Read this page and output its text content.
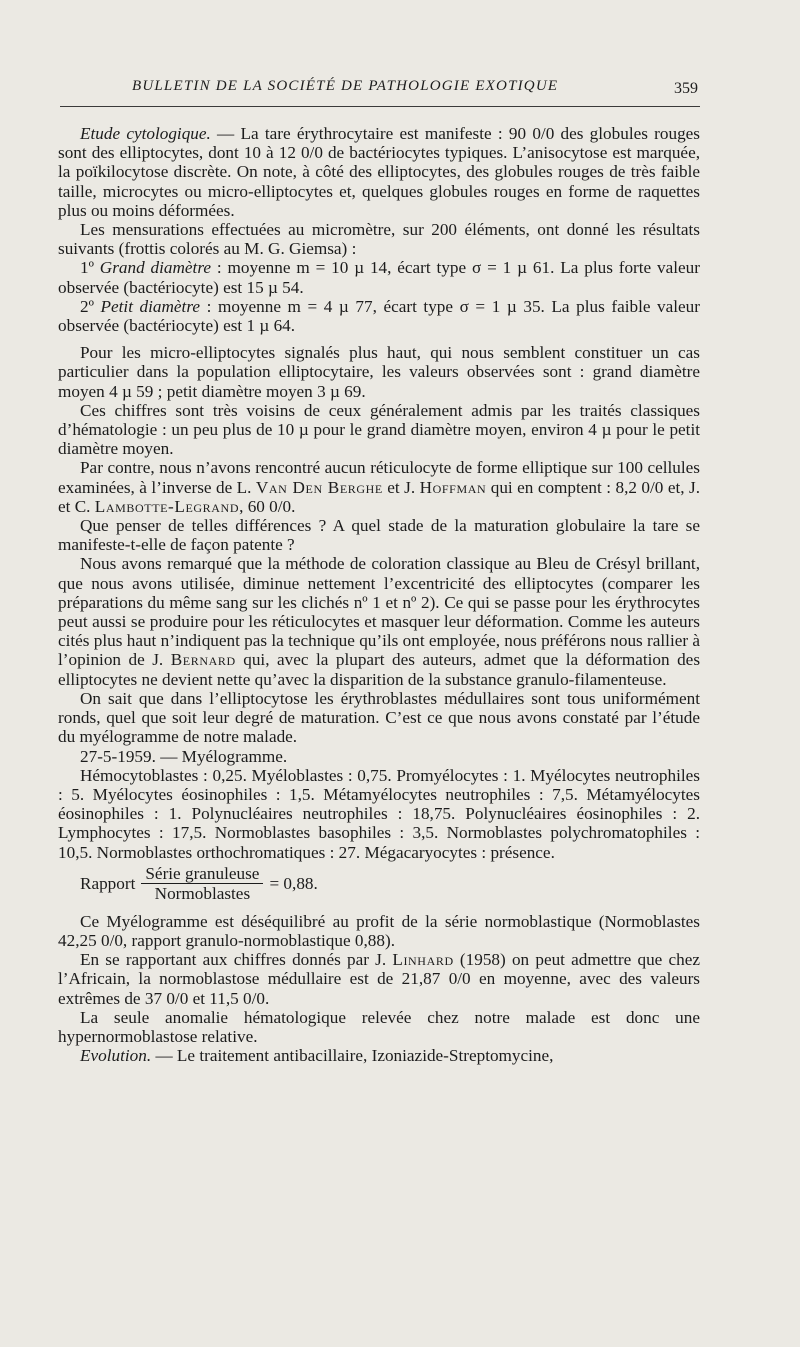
BULLETIN DE LA SOCIÉTÉ DE PATHOLOGIE EXOTIQUE	359

Etude cytologique. — La tare érythrocytaire est manifeste : 90 0/0 des globules rouges sont des elliptocytes, dont 10 à 12 0/0 de bactériocytes typiques. L’anisocytose est marquée, la poïkilocytose discrète. On note, à côté des elliptocytes, des globules rouges de très faible taille, microcytes ou micro-elliptocytes et, quelques globules rouges en forme de raquettes plus ou moins déformées.

Les mensurations effectuées au micromètre, sur 200 éléments, ont donné les résultats suivants (frottis colorés au M. G. Giemsa) :

1º Grand diamètre : moyenne m = 10 µ 14, écart type σ = 1 µ 61. La plus forte valeur observée (bactériocyte) est 15 µ 54.

2º Petit diamètre : moyenne m = 4 µ 77, écart type σ = 1 µ 35. La plus faible valeur observée (bactériocyte) est 1 µ 64.

Pour les micro-elliptocytes signalés plus haut, qui nous semblent constituer un cas particulier dans la population elliptocytaire, les valeurs observées sont : grand diamètre moyen 4 µ 59 ; petit diamètre moyen 3 µ 69.

Ces chiffres sont très voisins de ceux généralement admis par les traités classiques d’hématologie : un peu plus de 10 µ pour le grand diamètre moyen, environ 4 µ pour le petit diamètre moyen.

Par contre, nous n’avons rencontré aucun réticulocyte de forme elliptique sur 100 cellules examinées, à l’inverse de L. Van Den Berghe et J. Hoffman qui en comptent : 8,2 0/0 et, J. et C. Lambotte-Legrand, 60 0/0.

Que penser de telles différences ? A quel stade de la maturation globulaire la tare se manifeste-t-elle de façon patente ?

Nous avons remarqué que la méthode de coloration classique au Bleu de Crésyl brillant, que nous avons utilisée, diminue nettement l’excentricité des elliptocytes (comparer les préparations du même sang sur les clichés nº 1 et nº 2). Ce qui se passe pour les érythrocytes peut aussi se produire pour les réticulocytes et masquer leur déformation. Comme les auteurs cités plus haut n’indiquent pas la technique qu’ils ont employée, nous préférons nous rallier à l’opinion de J. Bernard qui, avec la plupart des auteurs, admet que la déformation des elliptocytes ne devient nette qu’avec la disparition de la substance granulo-filamenteuse.

On sait que dans l’elliptocytose les érythroblastes médullaires sont tous uniformément ronds, quel que soit leur degré de maturation. C’est ce que nous avons constaté par l’étude du myélogramme de notre malade.

27-5-1959. — Myélogramme.

Hémocytoblastes : 0,25. Myéloblastes : 0,75. Promyélocytes : 1. Myélocytes neutrophiles : 5. Myélocytes éosinophiles : 1,5. Métamyélocytes neutrophiles : 7,5. Métamyélocytes éosinophiles : 1. Polynucléaires neutrophiles : 18,75. Polynucléaires éosinophiles : 2. Lymphocytes : 17,5. Normoblastes basophiles : 3,5. Normoblastes polychromatophiles : 10,5. Normoblastes orthochromatiques : 27. Mégacaryocytes : présence.

Rapport $\frac{\text{Série granuleuse}}{\text{Normoblastes}} = 0,88$.

Ce Myélogramme est déséquilibré au profit de la série normoblastique (Normoblastes 42,25 0/0, rapport granulo-normoblastique 0,88).

En se rapportant aux chiffres donnés par J. Linhard (1958) on peut admettre que chez l’Africain, la normoblastose médullaire est de 21,87 0/0 en moyenne, avec des valeurs extrêmes de 37 0/0 et 11,5 0/0.

La seule anomalie hématologique relevée chez notre malade est donc une hypernormoblastose relative.

Evolution. — Le traitement antibacillaire, Izoniazide-Streptomycine,
